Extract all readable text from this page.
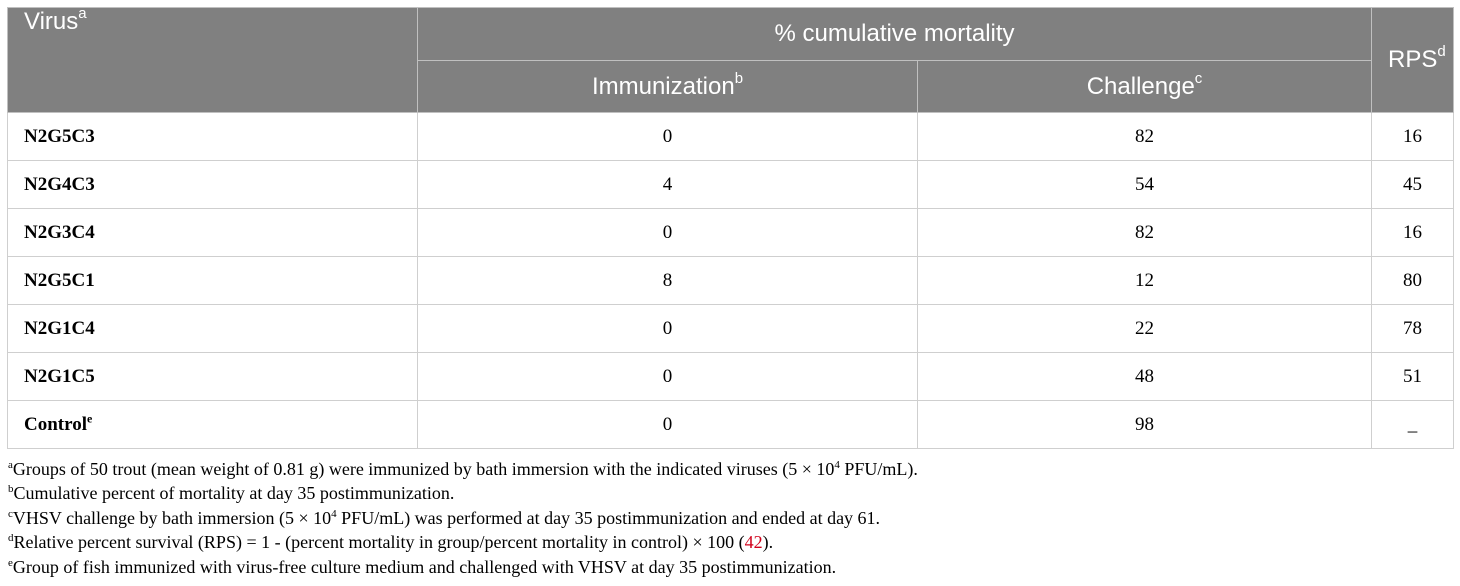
Virus$^a$	% cumulative mortality		RPS$^d$
	Immunization$^b$	Challenge$^c$
N2G5C3	0	82	16
N2G4C3	4	54	45
N2G3C4	0	82	16
N2G5C1	8	12	80
N2G1C4	0	22	78
N2G1C5	0	48	51
Control$^e$	0	98	_

$^a$Groups of 50 trout (mean weight of 0.81 g) were immunized by bath immersion with the indicated viruses ($5 \times 10^4$ PFU/mL).

$^b$Cumulative percent of mortality at day 35 postimmunization.

$^c$VHSV challenge by bath immersion ($5 \times 10^4$ PFU/mL) was performed at day 35 postimmunization and ended at day 61.

$^d$Relative percent survival (RPS) = 1 - (percent mortality in group/percent mortality in control) × 100 (42).

$^e$Group of fish immunized with virus-free culture medium and challenged with VHSV at day 35 postimmunization.
